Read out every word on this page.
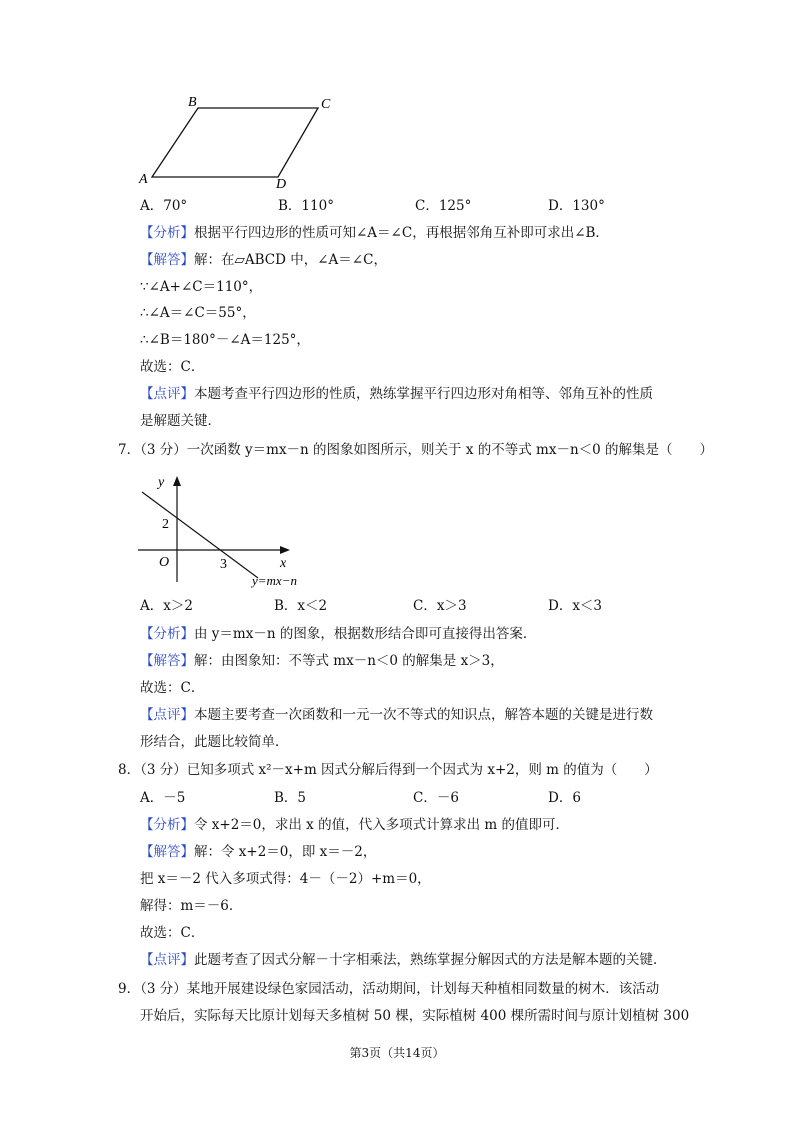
B	C
A	D
A．70°	B．110°	C．125°	D．130°
【分析】根据平行四边形的性质可知∠A＝∠C，再根据邻角互补即可求出∠B．
【解答】解：在▱ABCD 中，∠A＝∠C，
∵∠A+∠C＝110°，
∴∠A＝∠C＝55°，
∴∠B＝180°－∠A＝125°，
故选：C．
【点评】本题考查平行四边形的性质，熟练掌握平行四边形对角相等、邻角互补的性质
是解题关键．
7．（3 分）一次函数 y＝mx－n 的图象如图所示，则关于 x 的不等式 mx－n＜0 的解集是（　　）
y
2
O	3	x
y=mx−n
A．x＞2	B．x＜2	C．x＞3	D．x＜3
【分析】由 y＝mx－n 的图象，根据数形结合即可直接得出答案．
【解答】解：由图象知：不等式 mx－n＜0 的解集是 x＞3，
故选：C．
【点评】本题主要考查一次函数和一元一次不等式的知识点，解答本题的关键是进行数
形结合，此题比较简单．
8．（3 分）已知多项式 x²－x+m 因式分解后得到一个因式为 x+2，则 m 的值为（　　）
A．－5	B．5	C．－6	D．6
【分析】令 x+2＝0，求出 x 的值，代入多项式计算求出 m 的值即可．
【解答】解：令 x+2＝0，即 x＝－2，
把 x＝－2 代入多项式得：4－（－2）+m＝0，
解得：m＝－6．
故选：C．
【点评】此题考查了因式分解－十字相乘法，熟练掌握分解因式的方法是解本题的关键．
9．（3 分）某地开展建设绿色家园活动，活动期间，计划每天种植相同数量的树木．该活动
开始后，实际每天比原计划每天多植树 50 棵，实际植树 400 棵所需时间与原计划植树 300
第3页（共14页）
